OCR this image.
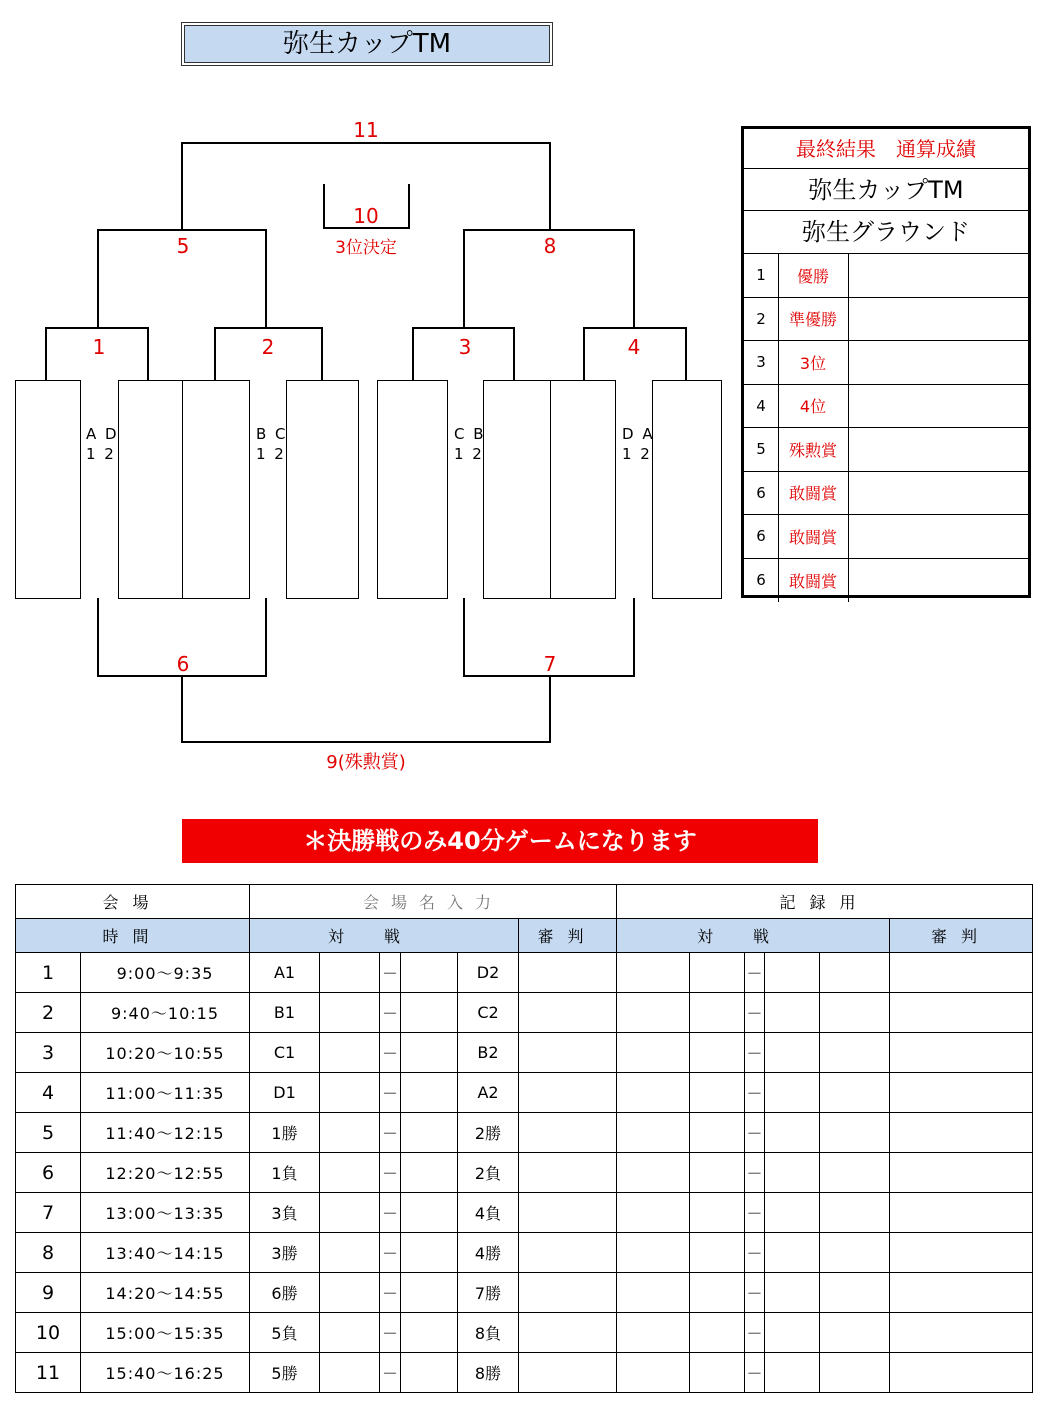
弥生カップTM

A D
1 2

B C
1 2

C B
1 2

D A
1 2

11
10
3位決定
5	8
1	2	3	4
6	7
9(殊勲賞)
最終結果　通算成績
弥生カップTM
弥生グラウンド
1	優勝
2	準優勝
3	3位
4	4位
5	殊勲賞
6	敢闘賞
6	敢闘賞
6	敢闘賞
＊決勝戦のみ40分ゲームになります
会場		会場名入力						記録用					
時間		対戦					審判	対戦					審判
1	9:00～9:35	A1		－		D2				－			
2	9:40～10:15	B1		－		C2				－			
3	10:20～10:55	C1		－		B2				－			
4	11:00～11:35	D1		－		A2				－			
5	11:40～12:15	1勝		－		2勝				－			
6	12:20～12:55	1負		－		2負				－			
7	13:00～13:35	3負		－		4負				－			
8	13:40～14:15	3勝		－		4勝				－			
9	14:20～14:55	6勝		－		7勝				－			
10	15:00～15:35	5負		－		8負				－			
11	15:40～16:25	5勝		－		8勝				－			
